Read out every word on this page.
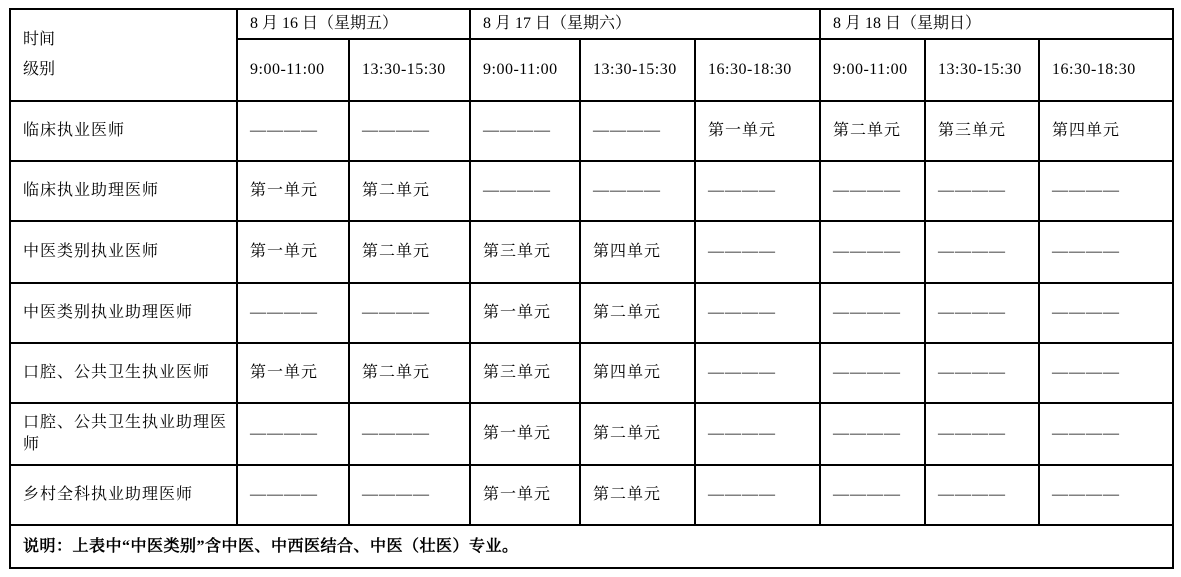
时间
级别	8 月 16 日（星期五）		8 月 17 日（星期六）			8 月 18 日（星期日）		
	9:00-11:00	13:30-15:30	9:00-11:00	13:30-15:30	16:30-18:30	9:00-11:00	13:30-15:30	16:30-18:30
临床执业医师	————	————	————	————	第一单元	第二单元	第三单元	第四单元
临床执业助理医师	第一单元	第二单元	————	————	————	————	————	————
中医类别执业医师	第一单元	第二单元	第三单元	第四单元	————	————	————	————
中医类别执业助理医师	————	————	第一单元	第二单元	————	————	————	————
口腔、公共卫生执业医师	第一单元	第二单元	第三单元	第四单元	————	————	————	————
口腔、公共卫生执业助理医师	————	————	第一单元	第二单元	————	————	————	————
乡村全科执业助理医师	————	————	第一单元	第二单元	————	————	————	————
说明：上表中“中医类别”含中医、中西医结合、中医（壮医）专业。								
